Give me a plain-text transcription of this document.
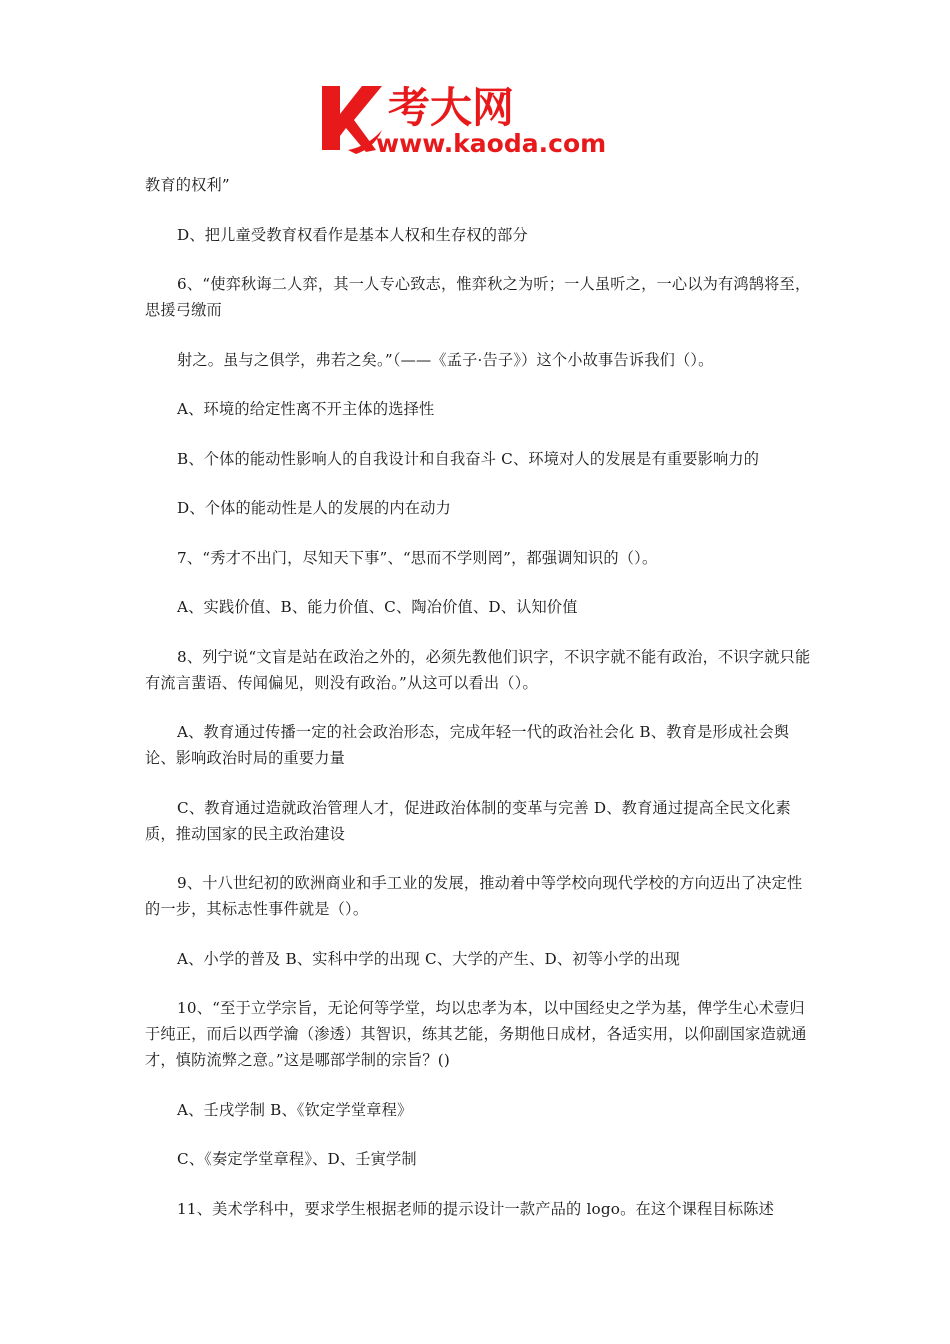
考大网
www.kaoda.com

教育的权利”

D、把儿童受教育权看作是基本人权和生存权的部分

6、“使弈秋诲二人弈，其一人专心致志，惟弈秋之为听；一人虽听之，一心以为有鸿鹄将至，思援弓缴而

射之。虽与之俱学，弗若之矣。”（——《孟子·告子》）这个小故事告诉我们（）。

A、环境的给定性离不开主体的选择性

B、个体的能动性影响人的自我设计和自我奋斗 C、环境对人的发展是有重要影响力的

D、个体的能动性是人的发展的内在动力

7、“秀才不出门，尽知天下事”、“思而不学则罔”，都强调知识的（）。

A、实践价值、B、能力价值、C、陶冶价值、D、认知价值

8、列宁说“文盲是站在政治之外的，必须先教他们识字，不识字就不能有政治，不识字就只能有流言蜚语、传闻偏见，则没有政治。”从这可以看出（）。

A、教育通过传播一定的社会政治形态，完成年轻一代的政治社会化 B、教育是形成社会舆论、影响政治时局的重要力量

C、教育通过造就政治管理人才，促进政治体制的变革与完善 D、教育通过提高全民文化素质，推动国家的民主政治建设

9、十八世纪初的欧洲商业和手工业的发展，推动着中等学校向现代学校的方向迈出了决定性的一步，其标志性事件就是（）。

A、小学的普及 B、实科中学的出现 C、大学的产生、D、初等小学的出现

10、“至于立学宗旨，无论何等学堂，均以忠孝为本，以中国经史之学为基，俾学生心术壹归于纯正，而后以西学瀹（渗透）其智识，练其艺能，务期他日成材，各适实用，以仰副国家造就通才，慎防流弊之意。”这是哪部学制的宗旨？()

A、壬戌学制 B、《钦定学堂章程》

C、《奏定学堂章程》、D、壬寅学制

11、美术学科中，要求学生根据老师的提示设计一款产品的 logo。在这个课程目标陈述
